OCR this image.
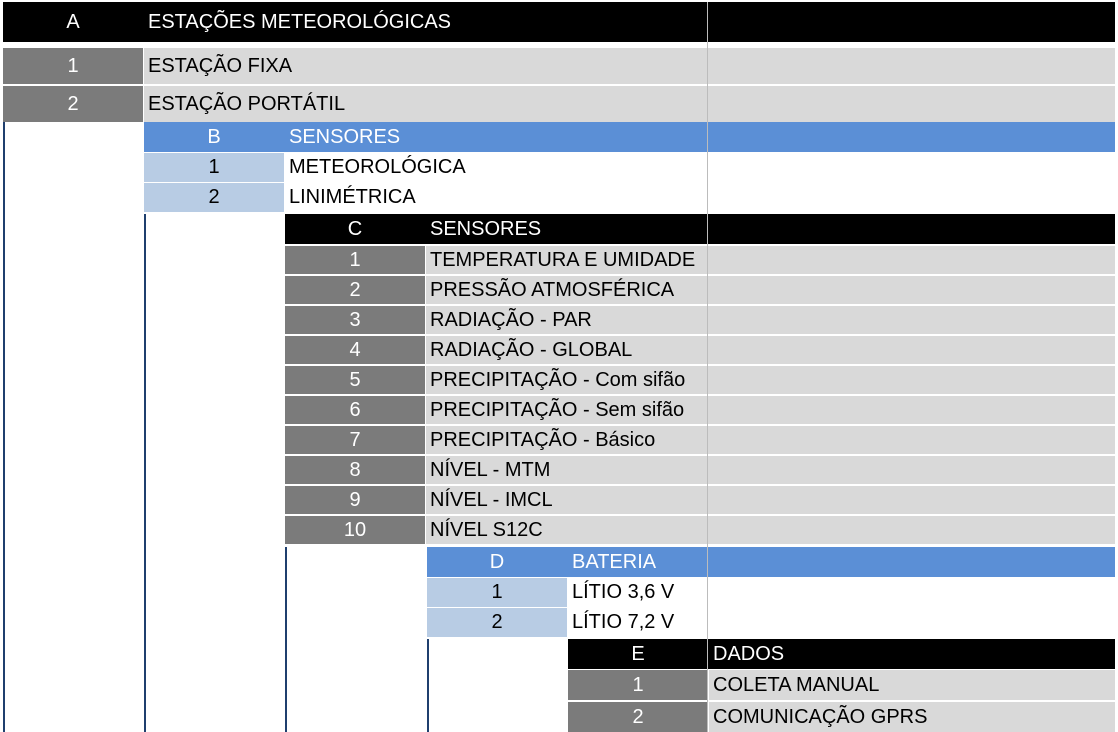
A	ESTAÇÕES METEOROLÓGICAS
1	ESTAÇÃO FIXA
2	ESTAÇÃO PORTÁTIL
B	SENSORES
1	METEOROLÓGICA
2	LINIMÉTRICA
C	SENSORES
1	TEMPERATURA E UMIDADE
2	PRESSÃO ATMOSFÉRICA
3	RADIAÇÃO - PAR
4	RADIAÇÃO - GLOBAL
5	PRECIPITAÇÃO - Com sifão
6	PRECIPITAÇÃO - Sem sifão
7	PRECIPITAÇÃO - Básico
8	NÍVEL - MTM
9	NÍVEL - IMCL
10	NÍVEL S12C
D	BATERIA
1	LÍTIO 3,6 V
2	LÍTIO 7,2 V
E	DADOS
1	COLETA MANUAL
2	COMUNICAÇÃO GPRS
